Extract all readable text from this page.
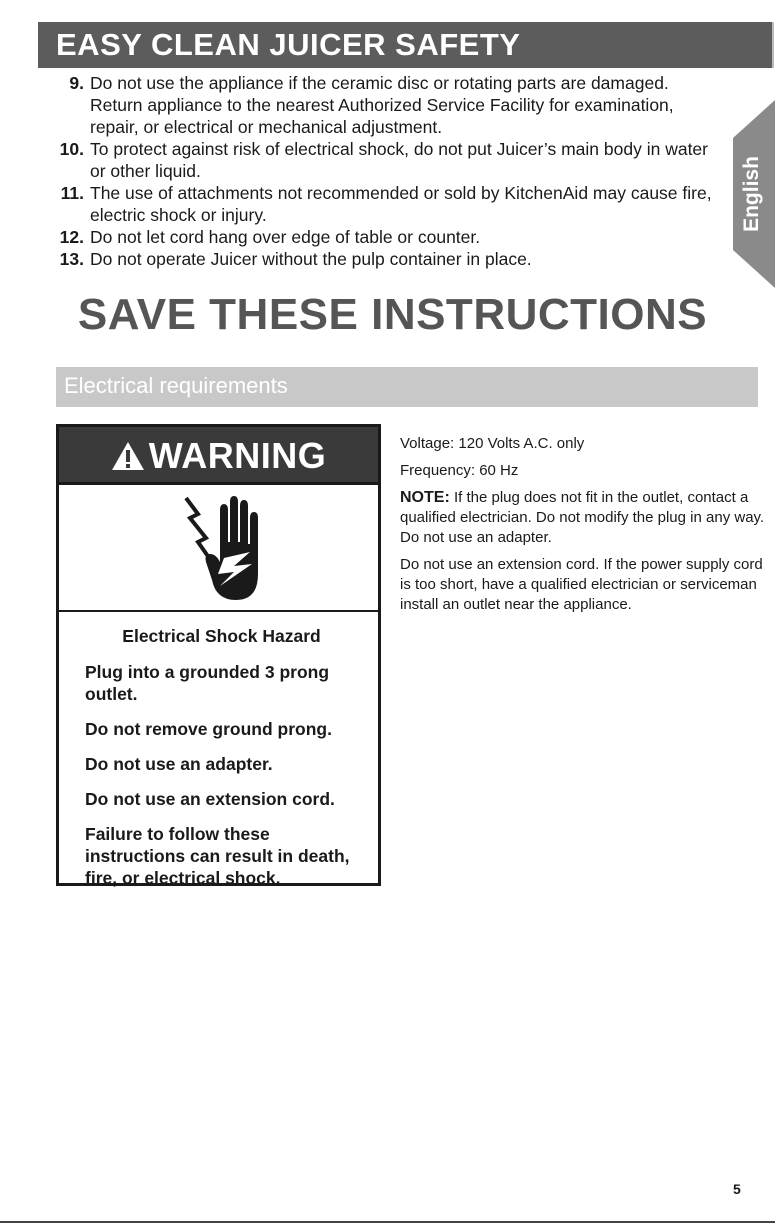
EASY CLEAN JUICER SAFETY
9. Do not use the appliance if the ceramic disc or rotating parts are damaged. Return appliance to the nearest Authorized Service Facility for examination, repair, or electrical or mechanical adjustment.
10. To protect against risk of electrical shock, do not put Juicer’s main body in water or other liquid.
11. The use of attachments not recommended or sold by KitchenAid may cause fire, electric shock or injury.
12. Do not let cord hang over edge of table or counter.
13. Do not operate Juicer without the pulp container in place.
English
SAVE THESE INSTRUCTIONS
Electrical requirements
WARNING
Electrical Shock Hazard
Plug into a grounded 3 prong outlet.
Do not remove ground prong.
Do not use an adapter.
Do not use an extension cord.
Failure to follow these instructions can result in death, fire, or electrical shock.
Voltage: 120 Volts A.C. only
Frequency: 60 Hz
NOTE: If the plug does not fit in the outlet, contact a qualified electrician. Do not modify the plug in any way. Do not use an adapter.
Do not use an extension cord. If the power supply cord is too short, have a qualified electrician or serviceman install an outlet near the appliance.
5
